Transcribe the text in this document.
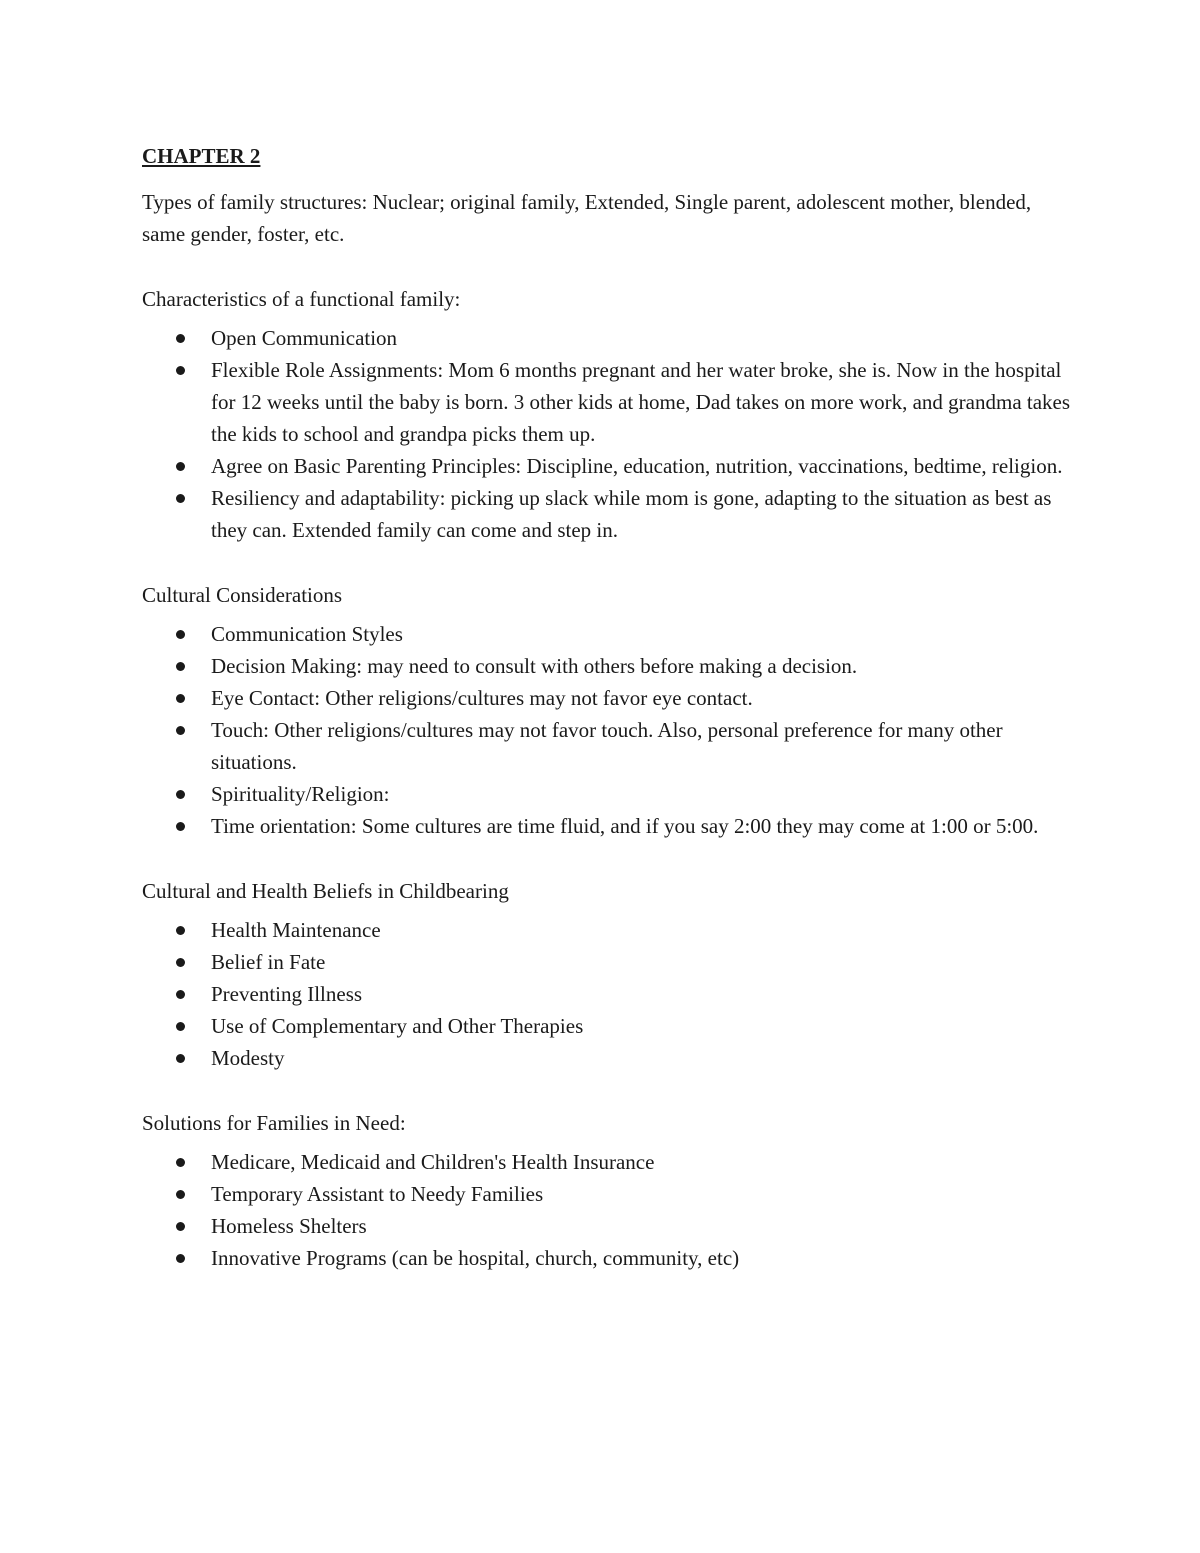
CHAPTER 2
Types of family structures: Nuclear; original family, Extended, Single parent, adolescent mother, blended, same gender, foster, etc.
Characteristics of a functional family:
Open Communication
Flexible Role Assignments: Mom 6 months pregnant and her water broke, she is. Now in the hospital for 12 weeks until the baby is born. 3 other kids at home, Dad takes on more work, and grandma takes the kids to school and grandpa picks them up.
Agree on Basic Parenting Principles: Discipline, education, nutrition, vaccinations, bedtime, religion.
Resiliency and adaptability: picking up slack while mom is gone, adapting to the situation as best as they can. Extended family can come and step in.
Cultural Considerations
Communication Styles
Decision Making: may need to consult with others before making a decision.
Eye Contact: Other religions/cultures may not favor eye contact.
Touch: Other religions/cultures may not favor touch. Also, personal preference for many other situations.
Spirituality/Religion:
Time orientation: Some cultures are time fluid, and if you say 2:00 they may come at 1:00 or 5:00.
Cultural and Health Beliefs in Childbearing
Health Maintenance
Belief in Fate
Preventing Illness
Use of Complementary and Other Therapies
Modesty
Solutions for Families in Need:
Medicare, Medicaid and Children's Health Insurance
Temporary Assistant to Needy Families
Homeless Shelters
Innovative Programs (can be hospital, church, community, etc)
